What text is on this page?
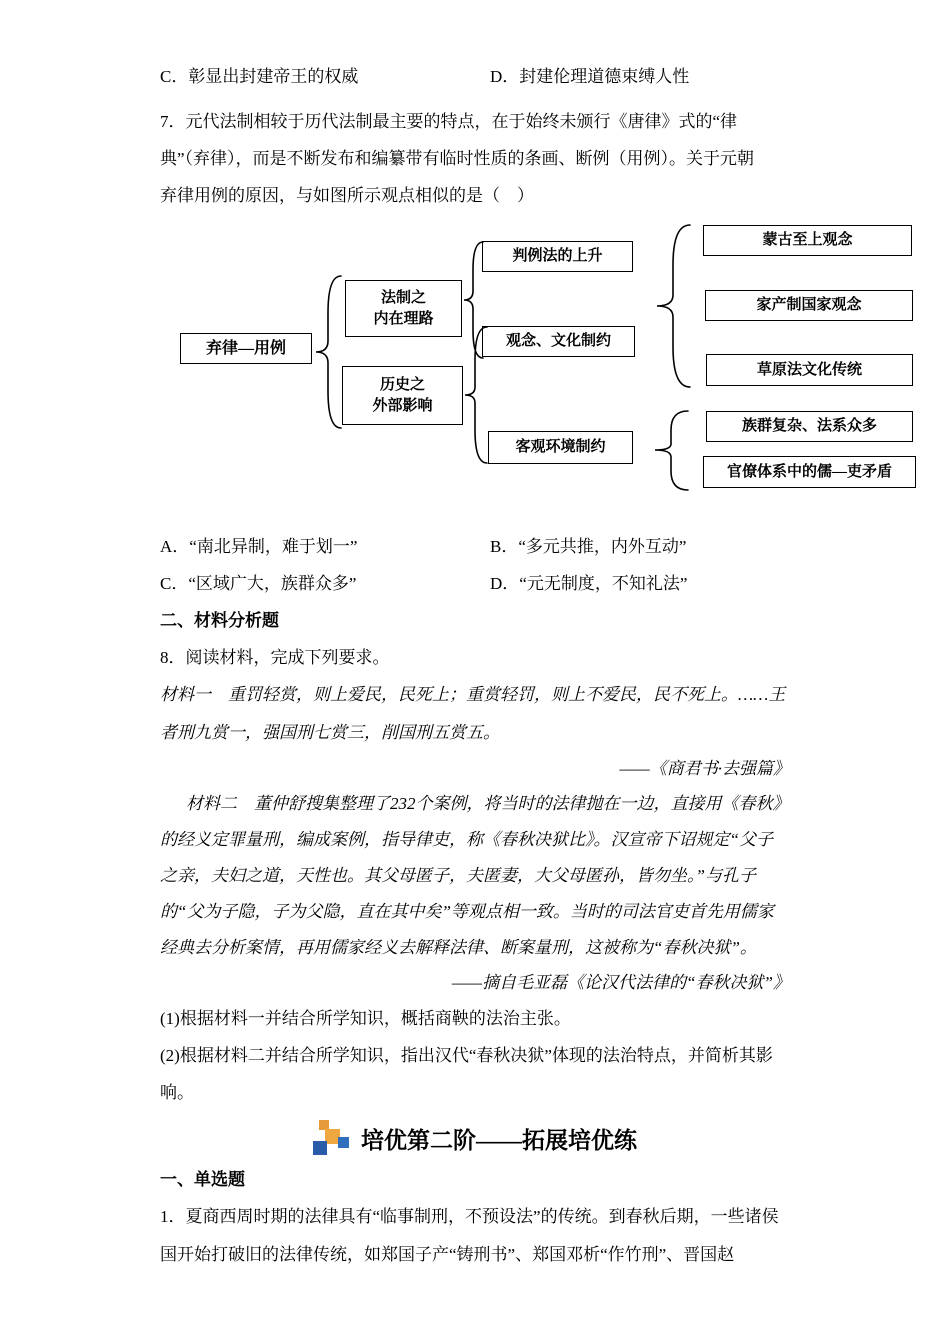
C．彰显出封建帝王的权威	D．封建伦理道德束缚人性
7．元代法制相较于历代法制最主要的特点，在于始终未颁行《唐律》式的“律
典”（弃律），而是不断发布和编纂带有临时性质的条画、断例（用例）。关于元朝
弃律用例的原因，与如图所示观点相似的是（　）
弃律—用例
法制之
内在理路
历史之
外部影响
判例法的上升
观念、文化制约
客观环境制约
蒙古至上观念
家产制国家观念
草原法文化传统
族群复杂、法系众多
官僚体系中的儒—吏矛盾
A．“南北异制，难于划一”	B．“多元共推，内外互动”
C．“区域广大，族群众多”	D．“元无制度，不知礼法”
二、材料分析题
8．阅读材料，完成下列要求。
材料一　重罚轻赏，则上爱民，民死上；重赏轻罚，则上不爱民，民不死上。……王
者刑九赏一，强国刑七赏三，削国刑五赏五。
——《商君书·去强篇》
材料二　董仲舒搜集整理了232个案例，将当时的法律抛在一边，直接用《春秋》
的经义定罪量刑，编成案例，指导律吏，称《春秋决狱比》。汉宣帝下诏规定“父子
之亲，夫妇之道，天性也。其父母匿子，夫匿妻，大父母匿孙，皆勿坐。”与孔子
的“父为子隐，子为父隐，直在其中矣”等观点相一致。当时的司法官吏首先用儒家
经典去分析案情，再用儒家经义去解释法律、断案量刑，这被称为“春秋决狱”。
——摘自毛亚磊《论汉代法律的“春秋决狱”》
(1)根据材料一并结合所学知识，概括商鞅的法治主张。
(2)根据材料二并结合所学知识，指出汉代“春秋决狱”体现的法治特点，并简析其影
响。
培优第二阶——拓展培优练
一、单选题
1．夏商西周时期的法律具有“临事制刑，不预设法”的传统。到春秋后期，一些诸侯
国开始打破旧的法律传统，如郑国子产“铸刑书”、郑国邓析“作竹刑”、晋国赵
